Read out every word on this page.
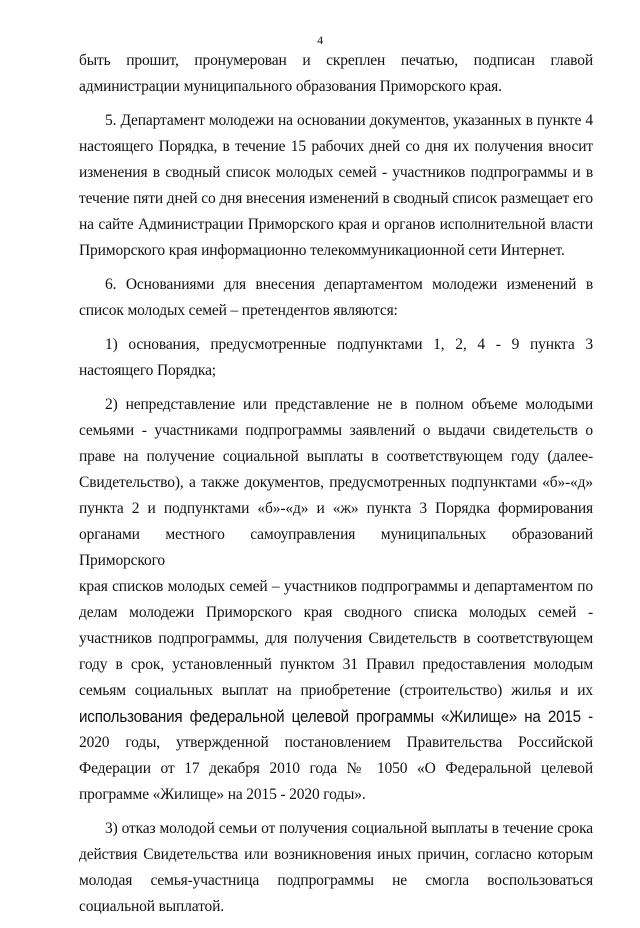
4

быть прошит, пронумерован и скреплен печатью, подписан главой
администрации муниципального образования Приморского края.

5. Департамент молодежи на основании документов, указанных в пункте 4
настоящего Порядка, в течение 15 рабочих дней со дня их получения вносит
изменения в сводный список молодых семей - участников подпрограммы и в
течение пяти дней со дня внесения изменений в сводный список размещает его
на сайте Администрации Приморского края и органов исполнительной власти
Приморского края информационно телекоммуникационной сети Интернет.

6. Основаниями для внесения департаментом молодежи изменений в
список молодых семей – претендентов являются:

1) основания, предусмотренные подпунктами 1, 2, 4 - 9 пункта 3
настоящего Порядка;

2) непредставление или представление не в полном объеме молодыми
семьями - участниками подпрограммы заявлений о выдачи свидетельств о
праве на получение социальной выплаты в соответствующем году (далее-
Свидетельство), а также документов, предусмотренных подпунктами «б»-«д»
пункта 2 и подпунктами «б»-«д» и «ж» пункта 3 Порядка формирования
органами местного самоуправления муниципальных образований Приморского
края списков молодых семей – участников подпрограммы и департаментом по
делам молодежи Приморского края сводного списка молодых семей -
участников подпрограммы, для получения Свидетельств в соответствующем
году в срок, установленный пунктом 31 Правил предоставления молодым
семьям социальных выплат на приобретение (строительство) жилья и их
использования федеральной целевой программы «Жилище» на 2015 -
2020 годы, утвержденной постановлением Правительства Российской
Федерации от 17 декабря 2010 года № 1050 «О Федеральной целевой
программе «Жилище» на 2015 - 2020 годы».

3) отказ молодой семьи от получения социальной выплаты в течение срока
действия Свидетельства или возникновения иных причин, согласно которым
молодая семья-участница подпрограммы не смогла воспользоваться
социальной выплатой.
